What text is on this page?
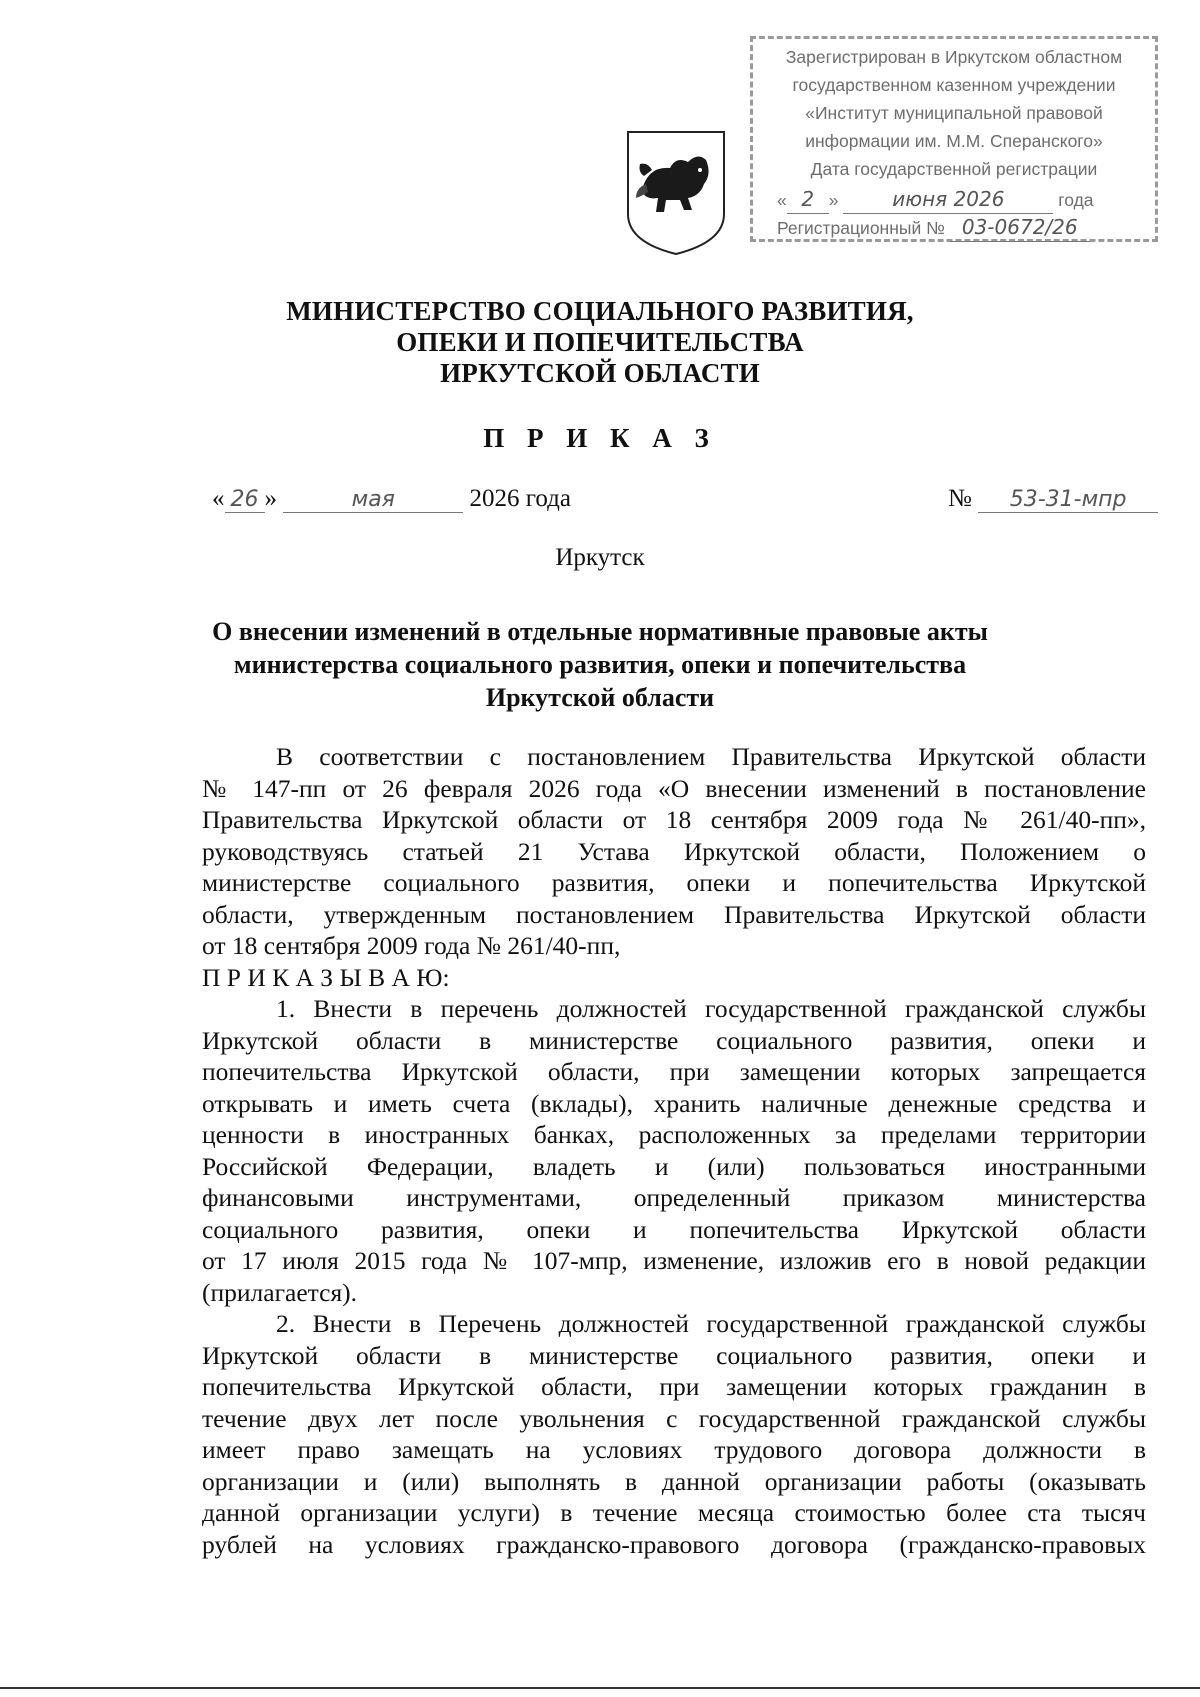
Зарегистрирован в Иркутском областном
государственном казенном учреждении
«Институт муниципальной правовой
информации им. М.М. Сперанского»
Дата государственной регистрации
« 2 »	июня 2026	года
Регистрационный № 03-0672/26
МИНИСТЕРСТВО СОЦИАЛЬНОГО РАЗВИТИЯ,
ОПЕКИ И ПОПЕЧИТЕЛЬСТВА
ИРКУТСКОЙ ОБЛАСТИ
П Р И К А З
« 26 »	мая	2026 года	№ 53-31-мпр
Иркутск
О внесении изменений в отдельные нормативные правовые акты
министерства социального развития, опеки и попечительства
Иркутской области
В соответствии с постановлением Правительства Иркутской области
№ 147-пп от 26 февраля 2026 года «О внесении изменений в постановление
Правительства Иркутской области от 18 сентября 2009 года № 261/40-пп»,
руководствуясь статьей 21 Устава Иркутской области, Положением о
министерстве социального развития, опеки и попечительства Иркутской
области, утвержденным постановлением Правительства Иркутской области
от 18 сентября 2009 года № 261/40-пп,
П Р И К А З Ы В А Ю:
1. Внести в перечень должностей государственной гражданской службы
Иркутской области в министерстве социального развития, опеки и
попечительства Иркутской области, при замещении которых запрещается
открывать и иметь счета (вклады), хранить наличные денежные средства и
ценности в иностранных банках, расположенных за пределами территории
Российской Федерации, владеть и (или) пользоваться иностранными
финансовыми инструментами, определенный приказом министерства
социального развития, опеки и попечительства Иркутской области
от 17 июля 2015 года № 107-мпр, изменение, изложив его в новой редакции
(прилагается).
2. Внести в Перечень должностей государственной гражданской службы
Иркутской области в министерстве социального развития, опеки и
попечительства Иркутской области, при замещении которых гражданин в
течение двух лет после увольнения с государственной гражданской службы
имеет право замещать на условиях трудового договора должности в
организации и (или) выполнять в данной организации работы (оказывать
данной организации услуги) в течение месяца стоимостью более ста тысяч
рублей на условиях гражданско-правового договора (гражданско-правовых
